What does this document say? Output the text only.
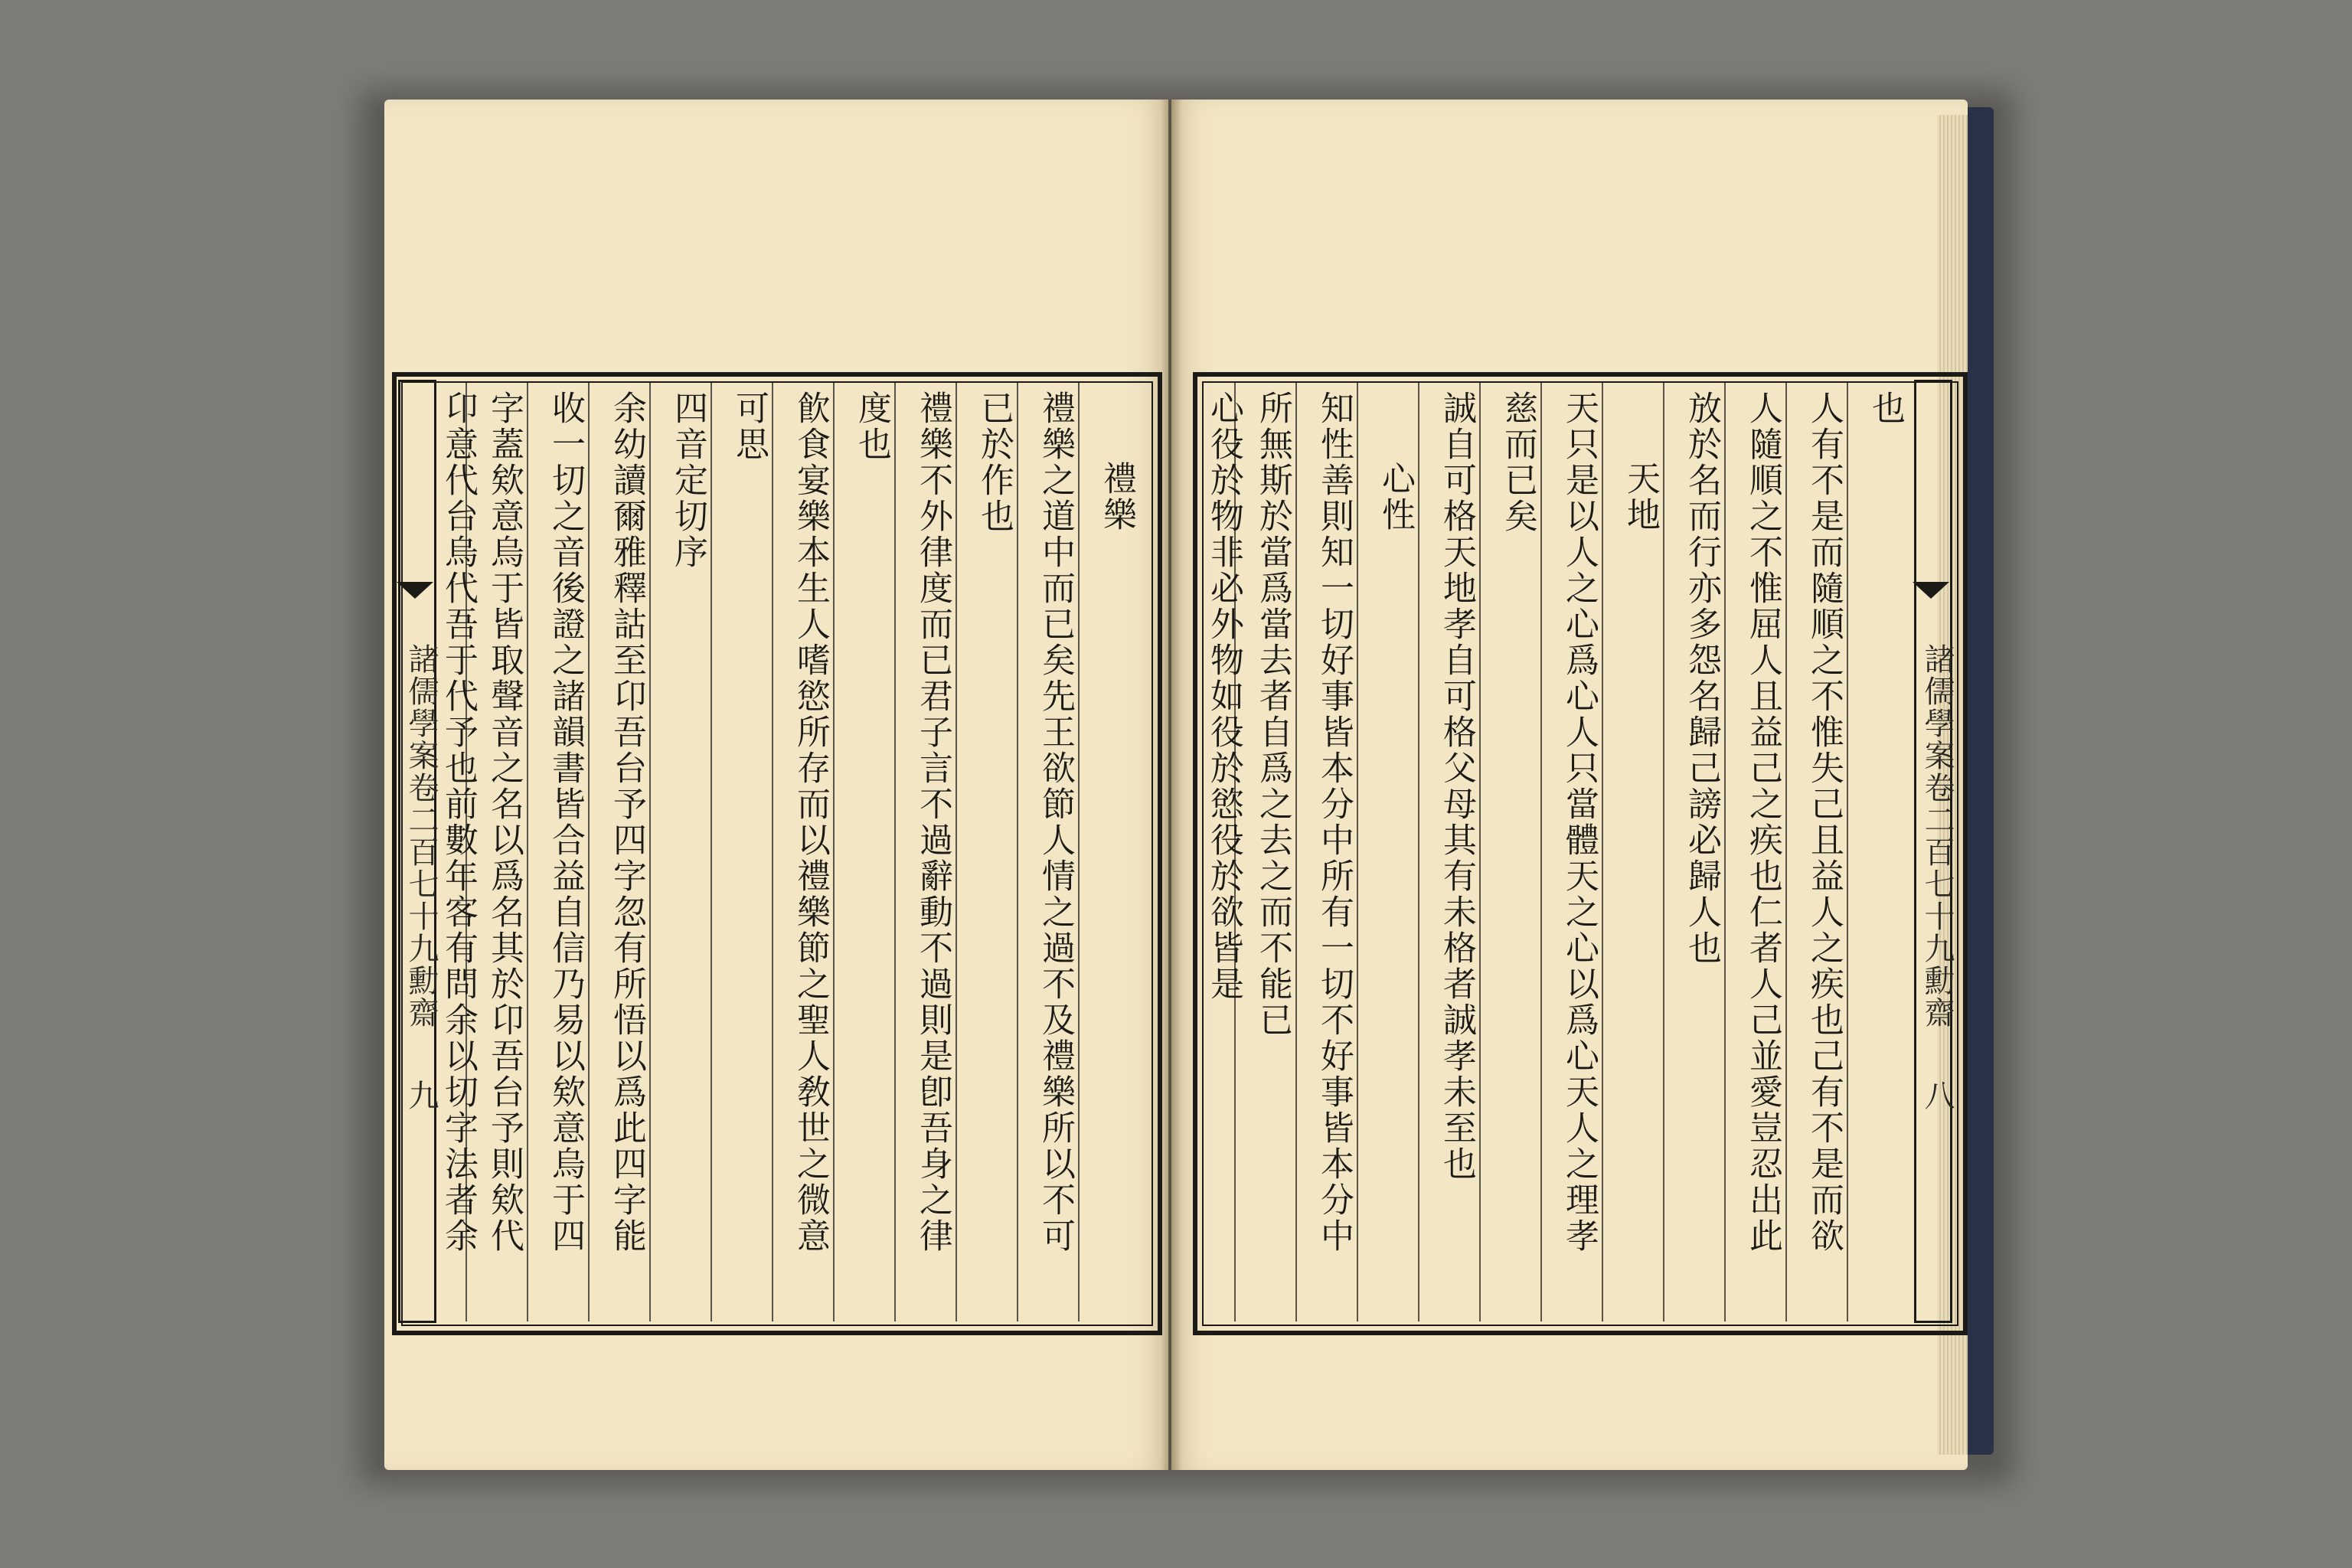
諸儒學案卷二百七十九
勳齋
九
諸儒學案卷二百七十九
勳齋
八
禮樂
禮樂之道中而已矣先王欲節人情之過不及禮樂所以不可
已於作也
禮樂不外律度而已君子言不過辭動不過則是卽吾身之律
度也
飮食宴樂本生人嗜慾所存而以禮樂節之聖人敎世之微意
可思
四音定切序
余幼讀爾雅釋詁至卬吾台予四字忽有所悟以爲此四字能
收一切之音後證之諸韻書皆合益自信乃易以欸意烏于四
字蓋欸意烏于皆取聲音之名以爲名其於卬吾台予則欸代
卬意代台烏代吾于代予也前數年客有問余以切字法者余	也
人有不是而隨順之不惟失己且益人之疾也己有不是而欲
人隨順之不惟屈人且益己之疾也仁者人己並愛豈忍出此
放於名而行亦多怨名歸己謗必歸人也
天地
天只是以人之心爲心人只當體天之心以爲心天人之理孝
慈而已矣
誠自可格天地孝自可格父母其有未格者誠孝未至也
心性
知性善則知一切好事皆本分中所有一切不好事皆本分中
所無斯於當爲當去者自爲之去之而不能已
心役於物非必外物如役於慾役於欲皆是
